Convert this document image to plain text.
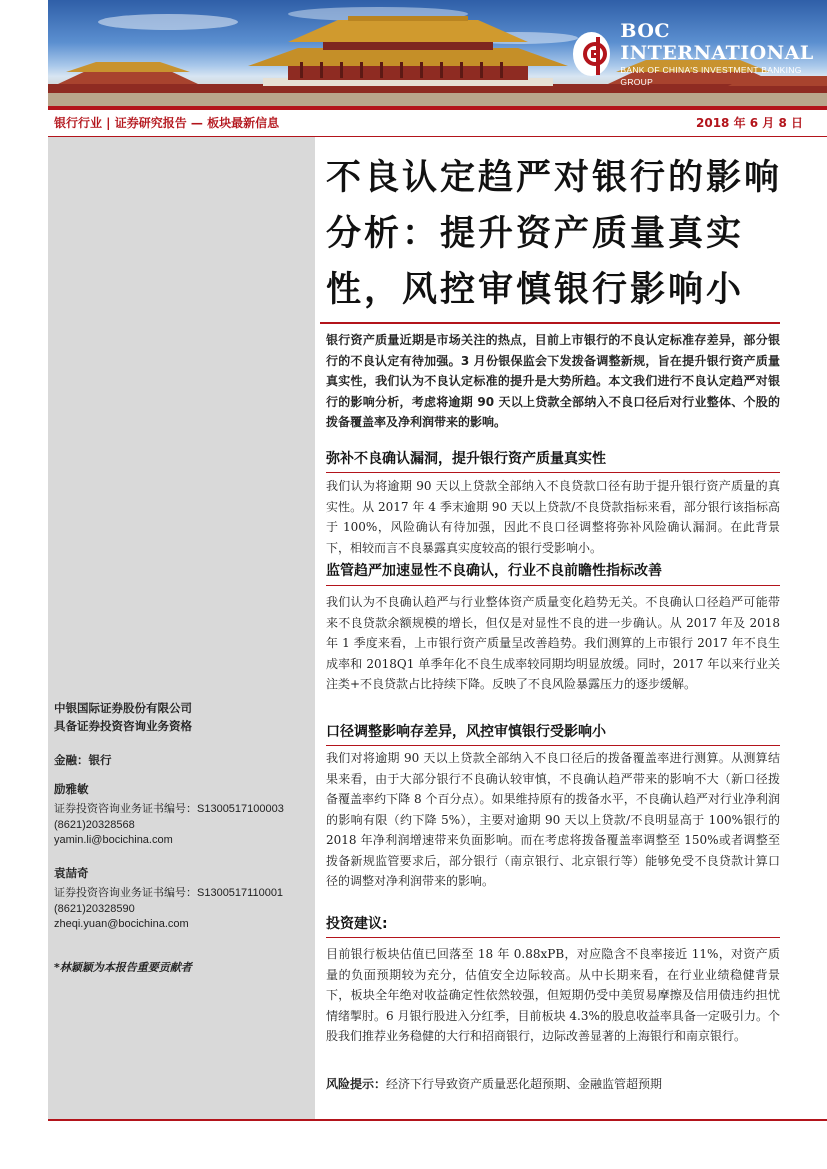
BOC INTERNATIONAL
BANK OF CHINA'S INVESTMENT BANKING GROUP
银行行业 | 证券研究报告 — 板块最新信息	2018 年 6 月 8 日
中银国际证券股份有限公司
具备证券投资咨询业务资格
金融：银行
励雅敏
证券投资咨询业务证书编号：S1300517100003
(8621)20328568
yamin.li@bocichina.com
袁喆奇
证券投资咨询业务证书编号：S1300517110001
(8621)20328590
zheqi.yuan@bocichina.com
*林颖颖为本报告重要贡献者
不良认定趋严对银行的影响分析：提升资产质量真实性，风控审慎银行影响小
银行资产质量近期是市场关注的热点，目前上市银行的不良认定标准存差异，部分银行的不良认定有待加强。3 月份银保监会下发拨备调整新规，旨在提升银行资产质量真实性，我们认为不良认定标准的提升是大势所趋。本文我们进行不良认定趋严对银行的影响分析，考虑将逾期 90 天以上贷款全部纳入不良口径后对行业整体、个股的拨备覆盖率及净利润带来的影响。
弥补不良确认漏洞，提升银行资产质量真实性
我们认为将逾期 90 天以上贷款全部纳入不良贷款口径有助于提升银行资产质量的真实性。从 2017 年 4 季末逾期 90 天以上贷款/不良贷款指标来看，部分银行该指标高于 100%，风险确认有待加强，因此不良口径调整将弥补风险确认漏洞。在此背景下，相较而言不良暴露真实度较高的银行受影响小。
监管趋严加速显性不良确认，行业不良前瞻性指标改善
我们认为不良确认趋严与行业整体资产质量变化趋势无关。不良确认口径趋严可能带来不良贷款余额规模的增长，但仅是对显性不良的进一步确认。从 2017 年及 2018 年 1 季度来看，上市银行资产质量呈改善趋势。我们测算的上市银行 2017 年不良生成率和 2018Q1 单季年化不良生成率较同期均明显放缓。同时，2017 年以来行业关注类+不良贷款占比持续下降。反映了不良风险暴露压力的逐步缓解。
口径调整影响存差异，风控审慎银行受影响小
我们对将逾期 90 天以上贷款全部纳入不良口径后的拨备覆盖率进行测算。从测算结果来看，由于大部分银行不良确认较审慎，不良确认趋严带来的影响不大（新口径拨备覆盖率约下降 8 个百分点）。如果维持原有的拨备水平，不良确认趋严对行业净利润的影响有限（约下降 5%），主要对逾期 90 天以上贷款/不良明显高于 100%银行的 2018 年净利润增速带来负面影响。而在考虑将拨备覆盖率调整至 150%或者调整至拨备新规监管要求后，部分银行（南京银行、北京银行等）能够免受不良贷款计算口径的调整对净利润带来的影响。
投资建议:
目前银行板块估值已回落至 18 年 0.88xPB，对应隐含不良率接近 11%，对资产质量的负面预期较为充分，估值安全边际较高。从中长期来看，在行业业绩稳健背景下，板块全年绝对收益确定性依然较强，但短期仍受中美贸易摩擦及信用债违约担忧情绪掣肘。6 月银行股进入分红季，目前板块 4.3%的股息收益率具备一定吸引力。个股我们推荐业务稳健的大行和招商银行，边际改善显著的上海银行和南京银行。
风险提示：经济下行导致资产质量恶化超预期、金融监管超预期
